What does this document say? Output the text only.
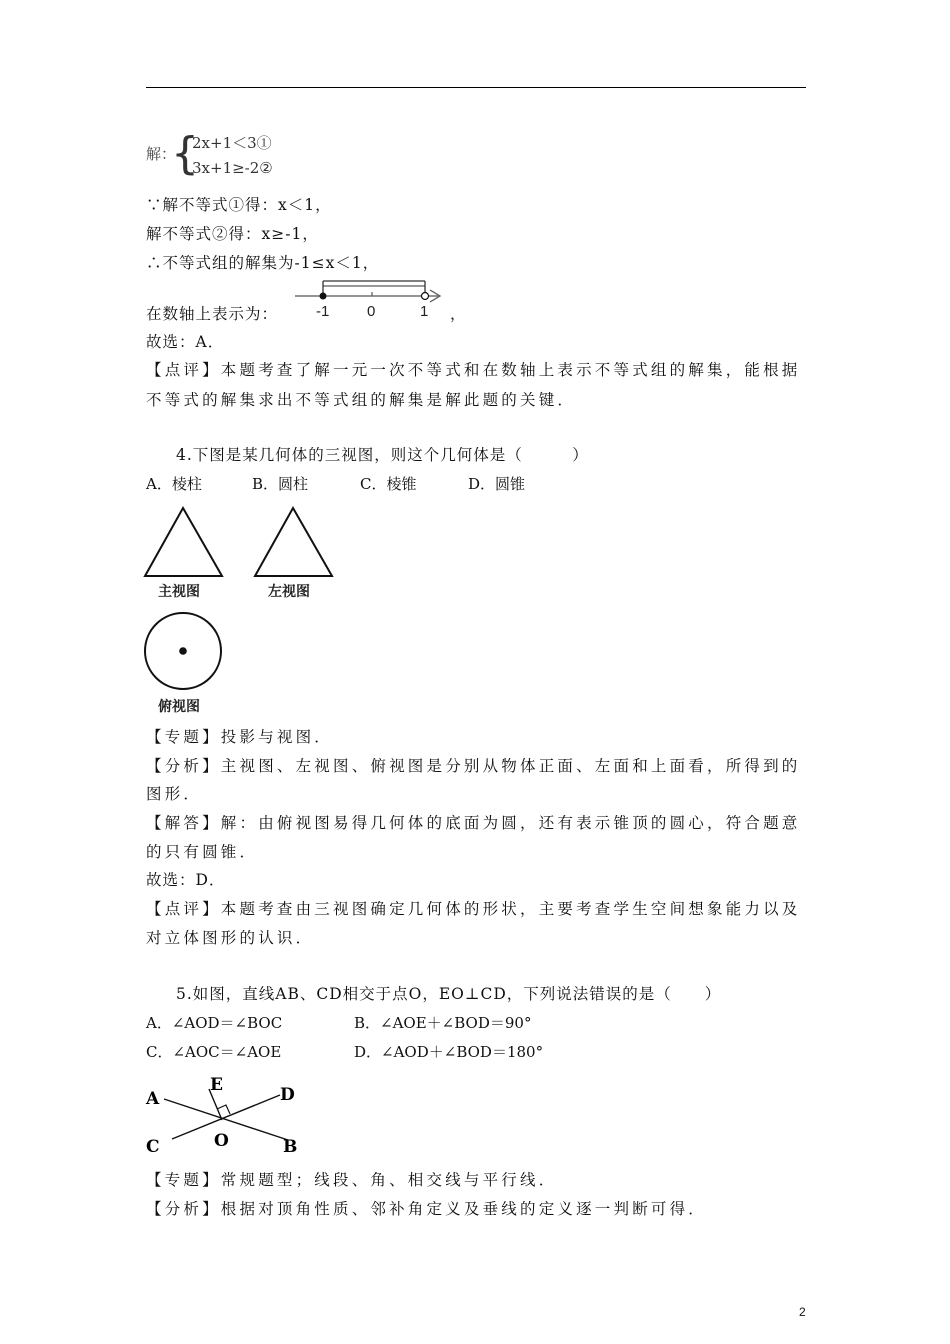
解：
{
2x+1＜3①
3x+1≥-2②
∵解不等式①得：x＜1，
解不等式②得：x≥-1，
∴不等式组的解集为-1≤x＜1，
在数轴上表示为：	-1	0	1 ，
故选：A．
【点评】本题考查了解一元一次不等式和在数轴上表示不等式组的解集，能根据
不等式的解集求出不等式组的解集是解此题的关键．
4.下图是某几何体的三视图，则这个几何体是（　　　）
A．棱柱	B．圆柱	C．棱锥	D．圆锥
主视图	左视图
俯视图
【专题】投影与视图．
【分析】主视图、左视图、俯视图是分别从物体正面、左面和上面看，所得到的
图形．
【解答】解：由俯视图易得几何体的底面为圆，还有表示锥顶的圆心，符合题意
的只有圆锥．
故选：D．
【点评】本题考查由三视图确定几何体的形状，主要考查学生空间想象能力以及
对立体图形的认识．
5.如图，直线AB、CD相交于点O，EO⊥CD，下列说法错误的是（　　）
A．∠AOD＝∠BOC	B．∠AOE＋∠BOD＝90°
C．∠AOC＝∠AOE	D．∠AOD＋∠BOD＝180°
A
E	D
C	O	B
【专题】常规题型；线段、角、相交线与平行线．
【分析】根据对顶角性质、邻补角定义及垂线的定义逐一判断可得．
2
